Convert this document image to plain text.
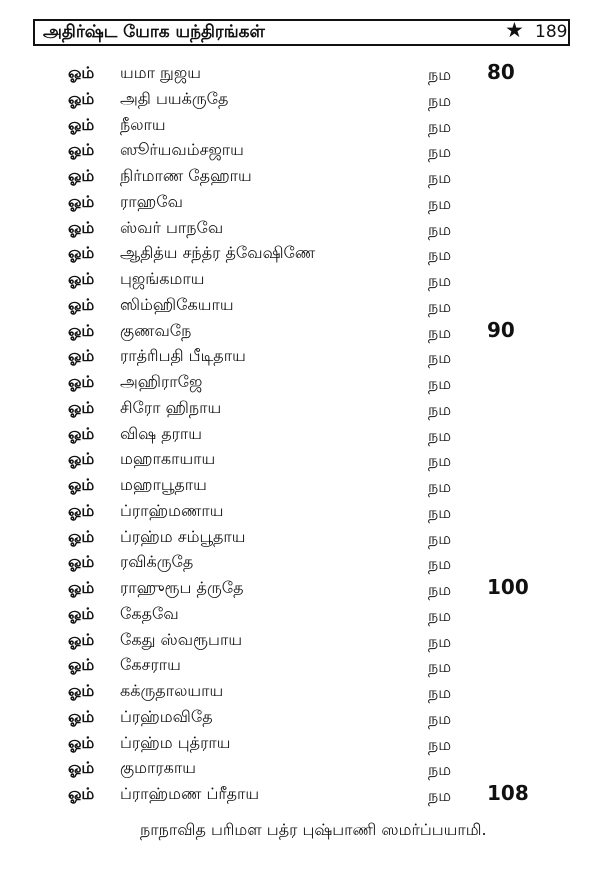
அதிர்ஷ்ட யோக யந்திரங்கள்	★ 189
ஓம் யமா நுஜய	நம 80
ஓம் அதி பயக்ருதே	நம
ஓம் நீலாய	நம
ஓம் ஸூர்யவம்சஜாய	நம
ஓம் நிர்மாண தேஹாய	நம
ஓம் ராஹவே	நம
ஓம் ஸ்வர் பாநவே	நம
ஓம் ஆதித்ய சந்த்ர த்வேஷிணே	நம
ஓம் புஜங்கமாய	நம
ஓம் ஸிம்ஹிகேயாய	நம
ஓம் குணவநே	நம 90
ஓம் ராத்ரிபதி பீடிதாய	நம
ஓம் அஹிராஜே	நம
ஓம் சிரோ ஹிநாய	நம
ஓம் விஷ தராய	நம
ஓம் மஹாகாயாய	நம
ஓம் மஹாபூதாய	நம
ஓம் ப்ராஹ்மணாய	நம
ஓம் ப்ரஹ்ம சம்பூதாய	நம
ஓம் ரவிக்ருதே	நம
ஓம் ராஹுரூப த்ருதே	நம 100
ஓம் கேதவே	நம
ஓம் கேது ஸ்வரூபாய	நம
ஓம் கேசராய	நம
ஓம் கக்ருதாலயாய	நம
ஓம் ப்ரஹ்மவிதே	நம
ஓம் ப்ரஹ்ம புத்ராய	நம
ஓம் குமாரகாய	நம
ஓம் ப்ராஹ்மண ப்ரீதாய	நம 108
நாநாவித பரிமள பத்ர புஷ்பாணி ஸமர்ப்பயாமி.
